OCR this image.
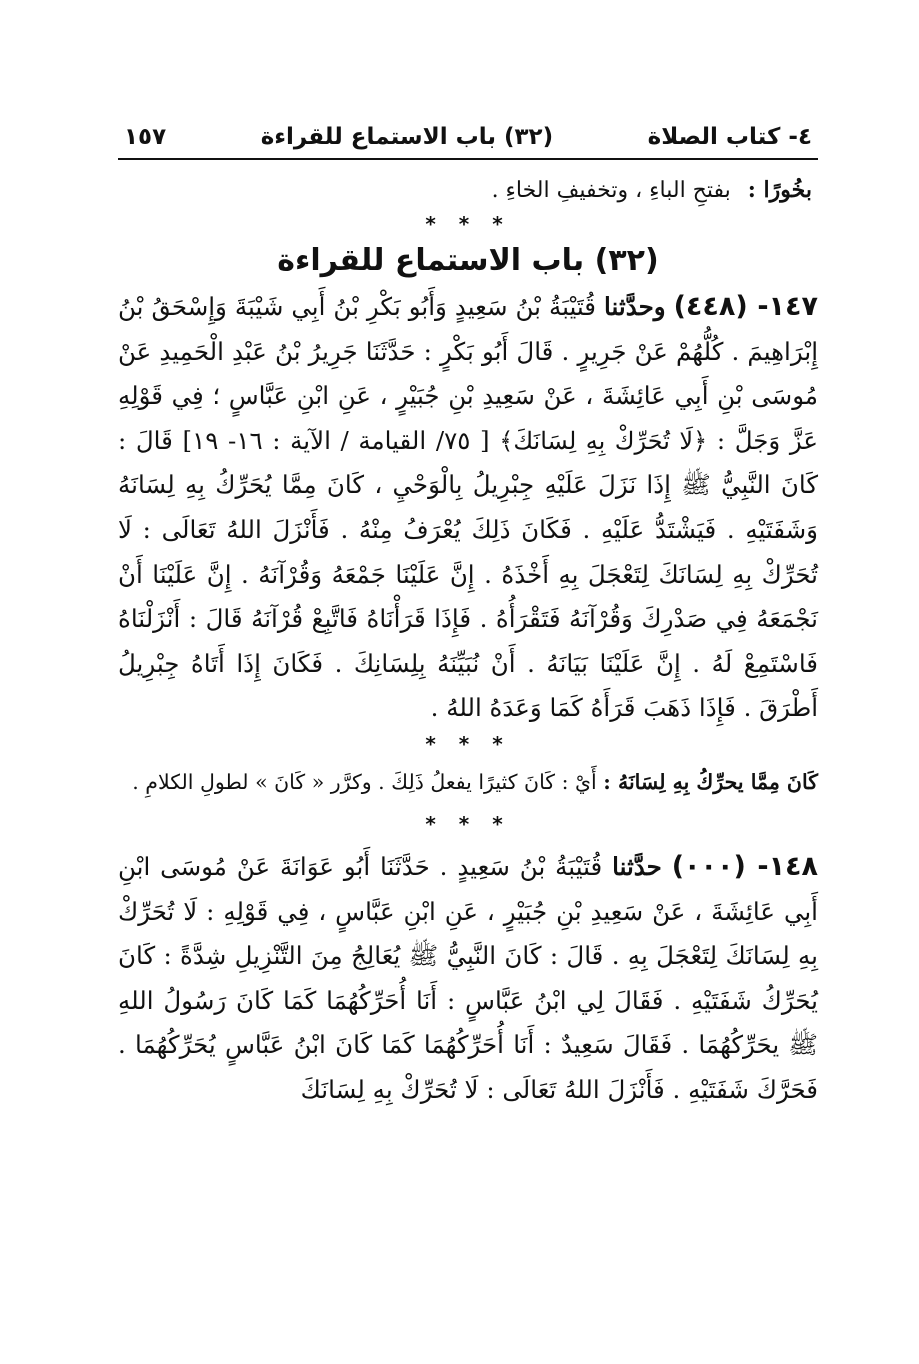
٤- كتاب الصلاة
(٣٢) باب الاستماع للقراءة
١٥٧
بخُورًا : بفتحِ الباءِ ، وتخفيفِ الخاءِ .
* * *
(٣٢) باب الاستماع للقراءة

١٤٧- (٤٤٨) وحدَّثنا قُتَيْبَةُ بْنُ سَعِيدٍ وَأَبُو بَكْرِ بْنُ أَبِي شَيْبَةَ وَإِسْحَقُ بْنُ إِبْرَاهِيمَ . كُلُّهُمْ عَنْ جَرِيرٍ . قَالَ أَبُو بَكْرٍ : حَدَّثَنَا جَرِيرُ بْنُ عَبْدِ الْحَمِيدِ عَنْ مُوسَى بْنِ أَبِي عَائِشَةَ ، عَنْ سَعِيدِ بْنِ جُبَيْرٍ ، عَنِ ابْنِ عَبَّاسٍ ؛ فِي قَوْلِهِ عَزَّ وَجَلَّ : ﴿لَا تُحَرِّكْ بِهِ لِسَانَكَ﴾ [ ٧٥/ القيامة / الآية : ١٦- ١٩] قَالَ : كَانَ النَّبِيُّ ﷺ إِذَا نَزَلَ عَلَيْهِ جِبْرِيلُ بِالْوَحْيِ ، كَانَ مِمَّا يُحَرِّكُ بِهِ لِسَانَهُ وَشَفَتَيْهِ . فَيَشْتَدُّ عَلَيْهِ . فَكَانَ ذَلِكَ يُعْرَفُ مِنْهُ . فَأَنْزَلَ اللهُ تَعَالَى : لَا تُحَرِّكْ بِهِ لِسَانَكَ لِتَعْجَلَ بِهِ أَخْذَهُ . إِنَّ عَلَيْنَا جَمْعَهُ وَقُرْآنَهُ . إِنَّ عَلَيْنَا أَنْ نَجْمَعَهُ فِي صَدْرِكَ وَقُرْآنَهُ فَتَقْرَأُهُ . فَإِذَا قَرَأْنَاهُ فَاتَّبِعْ قُرْآنَهُ قَالَ : أَنْزَلْنَاهُ فَاسْتَمِعْ لَهُ . إِنَّ عَلَيْنَا بَيَانَهُ . أَنْ نُبَيِّنَهُ بِلِسَانِكَ . فَكَانَ إِذَا أَتَاهُ جِبْرِيلُ أَطْرَقَ . فَإِذَا ذَهَبَ قَرَأَهُ كَمَا وَعَدَهُ اللهُ .

* * *

كَانَ مِمَّا يحرِّكُ بِهِ لِسَانَهُ : أَيْ : كَانَ كثيرًا يفعلُ ذَلِكَ . وكرَّر « كَانَ » لطولِ الكلامِ .

* * *

١٤٨- (٠٠٠) حدَّثنا قُتَيْبَةُ بْنُ سَعِيدٍ . حَدَّثَنَا أَبُو عَوَانَةَ عَنْ مُوسَى ابْنِ أَبِي عَائِشَةَ ، عَنْ سَعِيدِ بْنِ جُبَيْرٍ ، عَنِ ابْنِ عَبَّاسٍ ، فِي قَوْلِهِ : لَا تُحَرِّكْ بِهِ لِسَانَكَ لِتَعْجَلَ بِهِ . قَالَ : كَانَ النَّبِيُّ ﷺ يُعَالِجُ مِنَ التَّنْزِيلِ شِدَّةً : كَانَ يُحَرِّكُ شَفَتَيْهِ . فَقَالَ لِي ابْنُ عَبَّاسٍ : أَنَا أُحَرِّكُهُمَا كَمَا كَانَ رَسُولُ اللهِ ﷺ يحَرِّكُهُمَا . فَقَالَ سَعِيدٌ : أَنَا أُحَرِّكُهُمَا كَمَا كَانَ ابْنُ عَبَّاسٍ يُحَرِّكُهُمَا . فَحَرَّكَ شَفَتَيْهِ . فَأَنْزَلَ اللهُ تَعَالَى : لَا تُحَرِّكْ بِهِ لِسَانَكَ
